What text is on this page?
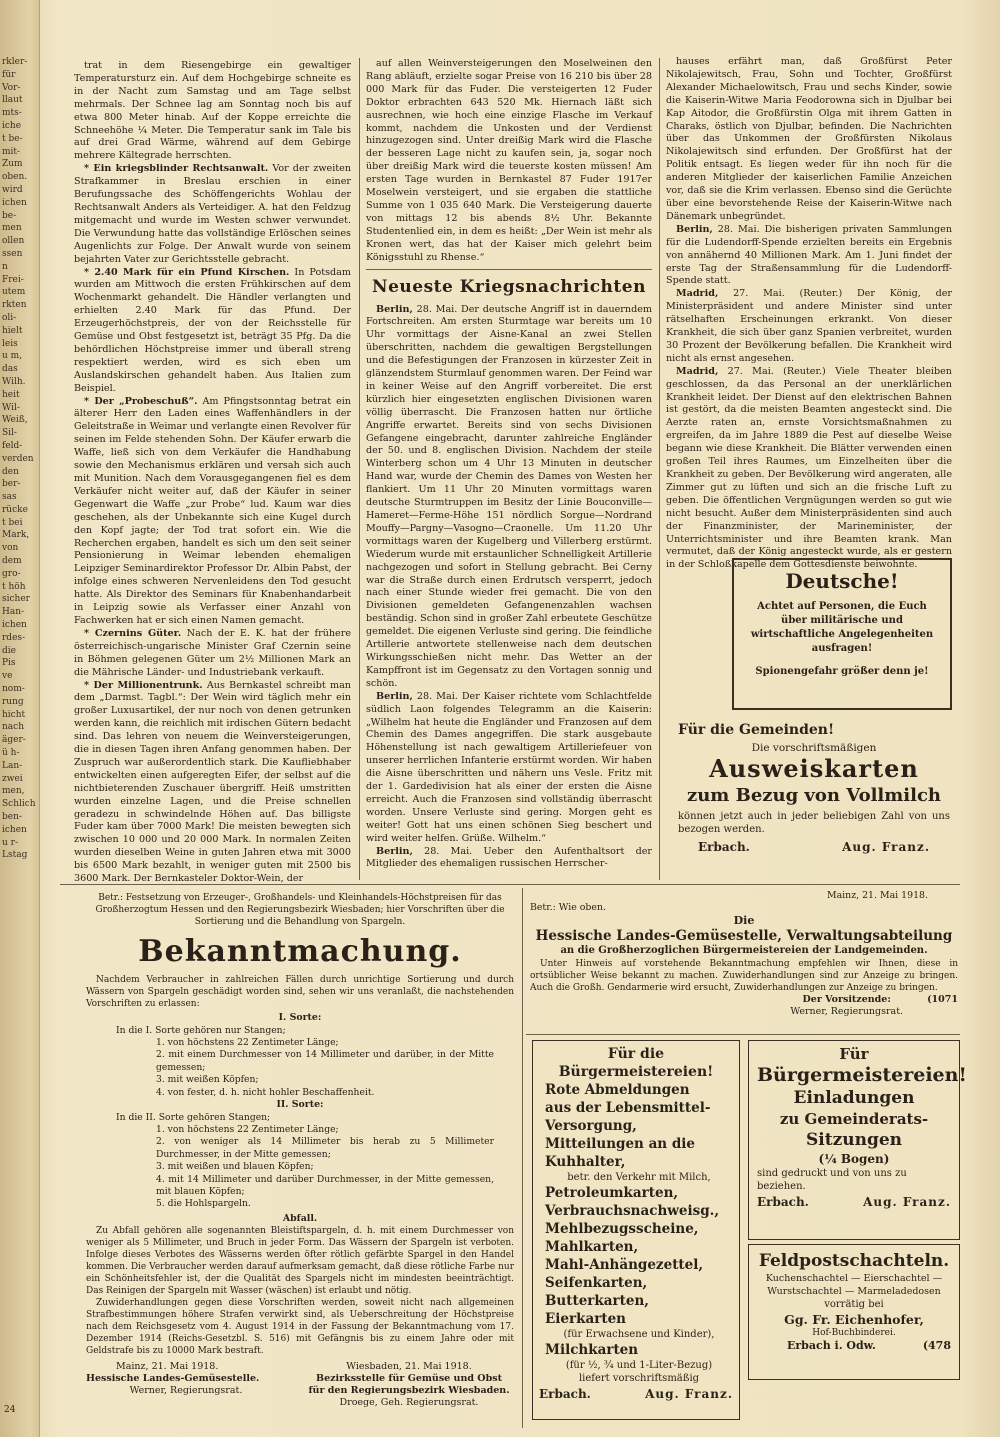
rkler-
für
Vor-
llaut
mts-
iche
t be-
mit-
Zum
oben.
wird
ichen
be-
men
ollen
ssen
n
Frei-
utem
rkten
oli-
hielt
leis
u m,
das
Wilh.
heit
Wil-
Weiß,
Sil-
feld-
verden
den
ber-
sas
rücke
t bei
Mark,
von
dem
gro-
t höh
sicher
Han-
ichen
rdes-
die
Pis
ve
nom-
rung
hicht
nach
äger-
ü h-
Lan-
zwei
men,
Schlich
ben-
ichen
u r-
Lstag

trat in dem Riesengebirge ein gewaltiger Temperatursturz ein. Auf dem Hochgebirge schneite es in der Nacht zum Samstag und am Tage selbst mehrmals. Der Schnee lag am Sonntag noch bis auf etwa 800 Meter hinab. Auf der Koppe erreichte die Schneehöhe ¼ Meter. Die Temperatur sank im Tale bis auf drei Grad Wärme, während auf dem Gebirge mehrere Kältegrade herrschten.

* Ein kriegsblinder Rechtsanwalt. Vor der zweiten Strafkammer in Breslau erschien in einer Berufungssache des Schöffengerichts Wohlau der Rechtsanwalt Anders als Verteidiger. A. hat den Feldzug mitgemacht und wurde im Westen schwer verwundet. Die Verwundung hatte das vollständige Erlöschen seines Augenlichts zur Folge. Der Anwalt wurde von seinem bejahrten Vater zur Gerichtsstelle gebracht.

* 2.40 Mark für ein Pfund Kirschen. In Potsdam wurden am Mittwoch die ersten Frühkirschen auf dem Wochenmarkt gehandelt. Die Händler verlangten und erhielten 2.40 Mark für das Pfund. Der Erzeugerhöchstpreis, der von der Reichsstelle für Gemüse und Obst festgesetzt ist, beträgt 35 Pfg. Da die behördlichen Höchstpreise immer und überall streng respektiert werden, wird es sich eben um Auslandskirschen gehandelt haben. Aus Italien zum Beispiel.

* Der „Probeschuß“. Am Pfingstsonntag betrat ein älterer Herr den Laden eines Waffenhändlers in der Geleitstraße in Weimar und verlangte einen Revolver für seinen im Felde stehenden Sohn. Der Käufer erwarb die Waffe, ließ sich von dem Verkäufer die Handhabung sowie den Mechanismus erklären und versah sich auch mit Munition. Nach dem Vorausgegangenen fiel es dem Verkäufer nicht weiter auf, daß der Käufer in seiner Gegenwart die Waffe „zur Probe“ lud. Kaum war dies geschehen, als der Unbekannte sich eine Kugel durch den Kopf jagte; der Tod trat sofort ein. Wie die Recherchen ergaben, handelt es sich um den seit seiner Pensionierung in Weimar lebenden ehemaligen Leipziger Seminardirektor Professor Dr. Albin Pabst, der infolge eines schweren Nervenleidens den Tod gesucht hatte. Als Direktor des Seminars für Knabenhandarbeit in Leipzig sowie als Verfasser einer Anzahl von Fachwerken hat er sich einen Namen gemacht.

* Czernins Güter. Nach der E. K. hat der frühere österreichisch-ungarische Minister Graf Czernin seine in Böhmen gelegenen Güter um 2½ Millionen Mark an die Mährische Länder- und Industriebank verkauft.

* Der Millionentrunk. Aus Bernkastel schreibt man dem „Darmst. Tagbl.“: Der Wein wird täglich mehr ein großer Luxusartikel, der nur noch von denen getrunken werden kann, die reichlich mit irdischen Gütern bedacht sind. Das lehren von neuem die Weinversteigerungen, die in diesen Tagen ihren Anfang genommen haben. Der Zuspruch war außerordentlich stark. Die Kaufliebhaber entwickelten einen aufgeregten Eifer, der selbst auf die nichtbieterenden Zuschauer übergriff. Heiß umstritten wurden einzelne Lagen, und die Preise schnellen geradezu in schwindelnde Höhen auf. Das billigste Fuder kam über 7000 Mark! Die meisten bewegten sich zwischen 10 000 und 20 000 Mark. In normalen Zeiten wurden dieselben Weine in guten Jahren etwa mit 3000 bis 6500 Mark bezahlt, in weniger guten mit 2500 bis 3600 Mark. Der Bernkasteler Doktor-Wein, der

auf allen Weinversteigerungen den Moselweinen den Rang abläuft, erzielte sogar Preise von 16 210 bis über 28 000 Mark für das Fuder. Die versteigerten 12 Fuder Doktor erbrachten 643 520 Mk. Hiernach läßt sich ausrechnen, wie hoch eine einzige Flasche im Verkauf kommt, nachdem die Unkosten und der Verdienst hinzugezogen sind. Unter dreißig Mark wird die Flasche der besseren Lage nicht zu kaufen sein, ja, sogar noch über dreißig Mark wird die teuerste kosten müssen! Am ersten Tage wurden in Bernkastel 87 Fuder 1917er Moselwein versteigert, und sie ergaben die stattliche Summe von 1 035 640 Mark. Die Versteigerung dauerte von mittags 12 bis abends 8½ Uhr. Bekannte Studentenlied ein, in dem es heißt: „Der Wein ist mehr als Kronen wert, das hat der Kaiser mich gelehrt beim Königsstuhl zu Rhense.“

Neueste Kriegsnachrichten

Berlin, 28. Mai. Der deutsche Angriff ist in dauerndem Fortschreiten. Am ersten Sturmtage war bereits um 10 Uhr vormittags der Aisne-Kanal an zwei Stellen überschritten, nachdem die gewaltigen Bergstellungen und die Befestigungen der Franzosen in kürzester Zeit in glänzendstem Sturmlauf genommen waren. Der Feind war in keiner Weise auf den Angriff vorbereitet. Die erst kürzlich hier eingesetzten englischen Divisionen waren völlig überrascht. Die Franzosen hatten nur örtliche Angriffe erwartet. Bereits sind von sechs Divisionen Gefangene eingebracht, darunter zahlreiche Engländer der 50. und 8. englischen Division. Nachdem der steile Winterberg schon um 4 Uhr 13 Minuten in deutscher Hand war, wurde der Chemin des Dames von Westen her flankiert. Um 11 Uhr 20 Minuten vormittags waren deutsche Sturmtruppen im Besitz der Linie Bouconville—Hameret—Ferme-Höhe 151 nördlich Sorgue—Nordrand Mouffy—Pargny—Vasogno—Craonelle. Um 11.20 Uhr vormittags waren der Kugelberg und Villerberg erstürmt. Wiederum wurde mit erstaunlicher Schnelligkeit Artillerie nachgezogen und sofort in Stellung gebracht. Bei Cerny war die Straße durch einen Erdrutsch versperrt, jedoch nach einer Stunde wieder frei gemacht. Die von den Divisionen gemeldeten Gefangenenzahlen wachsen beständig. Schon sind in großer Zahl erbeutete Geschütze gemeldet. Die eigenen Verluste sind gering. Die feindliche Artillerie antwortete stellenweise nach dem deutschen Wirkungsschießen nicht mehr. Das Wetter an der Kampffront ist im Gegensatz zu den Vortagen sonnig und schön.

Berlin, 28. Mai. Der Kaiser richtete vom Schlachtfelde südlich Laon folgendes Telegramm an die Kaiserin: „Wilhelm hat heute die Engländer und Franzosen auf dem Chemin des Dames angegriffen. Die stark ausgebaute Höhenstellung ist nach gewaltigem Artilleriefeuer von unserer herrlichen Infanterie erstürmt worden. Wir haben die Aisne überschritten und nähern uns Vesle. Fritz mit der 1. Gardedivision hat als einer der ersten die Aisne erreicht. Auch die Franzosen sind vollständig überrascht worden. Unsere Verluste sind gering. Morgen geht es weiter! Gott hat uns einen schönen Sieg beschert und wird weiter helfen. Grüße. Wilhelm.“

Berlin, 28. Mai. Ueber den Aufenthaltsort der Mitglieder des ehemaligen russischen Herrscher-

hauses erfährt man, daß Großfürst Peter Nikolajewitsch, Frau, Sohn und Tochter, Großfürst Alexander Michaelowitsch, Frau und sechs Kinder, sowie die Kaiserin-Witwe Maria Feodorowna sich in Djulbar bei Kap Aitodor, die Großfürstin Olga mit ihrem Gatten in Charaks, östlich von Djulbar, befinden. Die Nachrichten über das Unkommen der Großfürsten Nikolaus Nikolajewitsch sind erfunden. Der Großfürst hat der Politik entsagt. Es liegen weder für ihn noch für die anderen Mitglieder der kaiserlichen Familie Anzeichen vor, daß sie die Krim verlassen. Ebenso sind die Gerüchte über eine bevorstehende Reise der Kaiserin-Witwe nach Dänemark unbegründet.

Berlin, 28. Mai. Die bisherigen privaten Sammlungen für die Ludendorff-Spende erzielten bereits ein Ergebnis von annähernd 40 Millionen Mark. Am 1. Juni findet der erste Tag der Straßensammlung für die Ludendorff-Spende statt.

Madrid, 27. Mai. (Reuter.) Der König, der Ministerpräsident und andere Minister sind unter rätselhaften Erscheinungen erkrankt. Von dieser Krankheit, die sich über ganz Spanien verbreitet, wurden 30 Prozent der Bevölkerung befallen. Die Krankheit wird nicht als ernst angesehen.

Madrid, 27. Mai. (Reuter.) Viele Theater bleiben geschlossen, da das Personal an der unerklärlichen Krankheit leidet. Der Dienst auf den elektrischen Bahnen ist gestört, da die meisten Beamten angesteckt sind. Die Aerzte raten an, ernste Vorsichtsmaßnahmen zu ergreifen, da im Jahre 1889 die Pest auf dieselbe Weise begann wie diese Krankheit. Die Blätter verwenden einen großen Teil ihres Raumes, um Einzelheiten über die Krankheit zu geben. Der Bevölkerung wird angeraten, alle Zimmer gut zu lüften und sich an die frische Luft zu geben. Die öffentlichen Vergnügungen werden so gut wie nicht besucht. Außer dem Ministerpräsidenten sind auch der Finanzminister, der Marineminister, der Unterrichtsminister und ihre Beamten krank. Man vermutet, daß der König angesteckt wurde, als er gestern in der Schloßkapelle dem Gottesdienste beiwohnte.

Deutsche!
Achtet auf Personen, die Euch über militärische und wirtschaftliche Angelegenheiten ausfragen!
Spionengefahr größer denn je!
Für die Gemeinden!
Die vorschriftsmäßigen
Ausweiskarten
zum Bezug von Vollmilch
können jetzt auch in jeder beliebigen Zahl von uns bezogen werden.
Erbach.	Aug. Franz.
Betr.: Festsetzung von Erzeuger-, Großhandels- und Kleinhandels-Höchstpreisen für das Großherzogtum Hessen und den Regierungsbezirk Wiesbaden; hier Vorschriften über die Sortierung und die Behandlung von Spargeln.
Bekanntmachung.

Nachdem Verbraucher in zahlreichen Fällen durch unrichtige Sortierung und durch Wässern von Spargeln geschädigt worden sind, sehen wir uns veranlaßt, die nachstehenden Vorschriften zu erlassen:

I. Sorte:
In die I. Sorte gehören nur Stangen;
1. von höchstens 22 Zentimeter Länge;
2. mit einem Durchmesser von 14 Millimeter und darüber, in der Mitte gemessen;
3. mit weißen Köpfen;
4. von fester, d. h. nicht hohler Beschaffenheit.
II. Sorte:
In die II. Sorte gehören Stangen;
1. von höchstens 22 Zentimeter Länge;
2. von weniger als 14 Millimeter bis herab zu 5 Millimeter Durchmesser, in der Mitte gemessen;
3. mit weißen und blauen Köpfen;
4. mit 14 Millimeter und darüber Durchmesser, in der Mitte gemessen, mit blauen Köpfen;
5. die Hohlspargeln.
Abfall.

Zu Abfall gehören alle sogenannten Bleistiftspargeln, d. h. mit einem Durchmesser von weniger als 5 Millimeter, und Bruch in jeder Form. Das Wässern der Spargeln ist verboten. Infolge dieses Verbotes des Wässerns werden öfter rötlich gefärbte Spargel in den Handel kommen. Die Verbraucher werden darauf aufmerksam gemacht, daß diese rötliche Farbe nur ein Schönheitsfehler ist, der die Qualität des Spargels nicht im mindesten beeinträchtigt. Das Reinigen der Spargeln mit Wasser (wäschen) ist erlaubt und nötig.

Zuwiderhandlungen gegen diese Vorschriften werden, soweit nicht nach allgemeinen Strafbestimmungen höhere Strafen verwirkt sind, als Ueberschreitung der Höchstpreise nach dem Reichsgesetz vom 4. August 1914 in der Fassung der Bekanntmachung vom 17. Dezember 1914 (Reichs-Gesetzbl. S. 516) mit Gefängnis bis zu einem Jahre oder mit Geldstrafe bis zu 10000 Mark bestraft.

Mainz, 21. Mai 1918.
Hessische Landes-Gemüsestelle.
Werner, Regierungsrat.
Wiesbaden, 21. Mai 1918.
Bezirksstelle für Gemüse und Obst
für den Regierungsbezirk Wiesbaden.
Droege, Geh. Regierungsrat.
Mainz, 21. Mai 1918.
Betr.: Wie oben.
Die
Hessische Landes-Gemüsestelle, Verwaltungsabteilung
an die Großherzoglichen Bürgermeistereien der Landgemeinden.

Unter Hinweis auf vorstehende Bekanntmachung empfehlen wir Ihnen, diese in ortsüblicher Weise bekannt zu machen. Zuwiderhandlungen sind zur Anzeige zu bringen. Auch die Großh. Gendarmerie wird ersucht, Zuwiderhandlungen zur Anzeige zu bringen.

Der Vorsitzende:
Werner, Regierungsrat.
(1071
Für die Bürgermeistereien!
Rote Abmeldungen
aus der Lebensmittel-
Versorgung,
Mitteilungen an die
Kuhhalter,
betr. den Verkehr mit Milch,
Petroleumkarten,
Verbrauchsnachweisg.,
Mehlbezugsscheine,
Mahlkarten,
Mahl-Anhängezettel,
Seifenkarten,
Butterkarten,
Eierkarten
(für Erwachsene und Kinder),
Milchkarten
(für ½, ¾ und 1-Liter-Bezug)
liefert vorschriftsmäßig
Erbach.	Aug. Franz.
Für
Bürgermeistereien!
Einladungen
zu Gemeinderats-
Sitzungen
(¼ Bogen)
sind gedruckt und von uns zu beziehen.
Erbach.	Aug. Franz.
Feldpostschachteln.
Kuchenschachtel — Eierschachtel —
Wurstschachtel — Marmeladedosen
vorrätig bei
Gg. Fr. Eichenhofer,
Hof-Buchbinderei.
Erbach i. Odw.	(478
24
